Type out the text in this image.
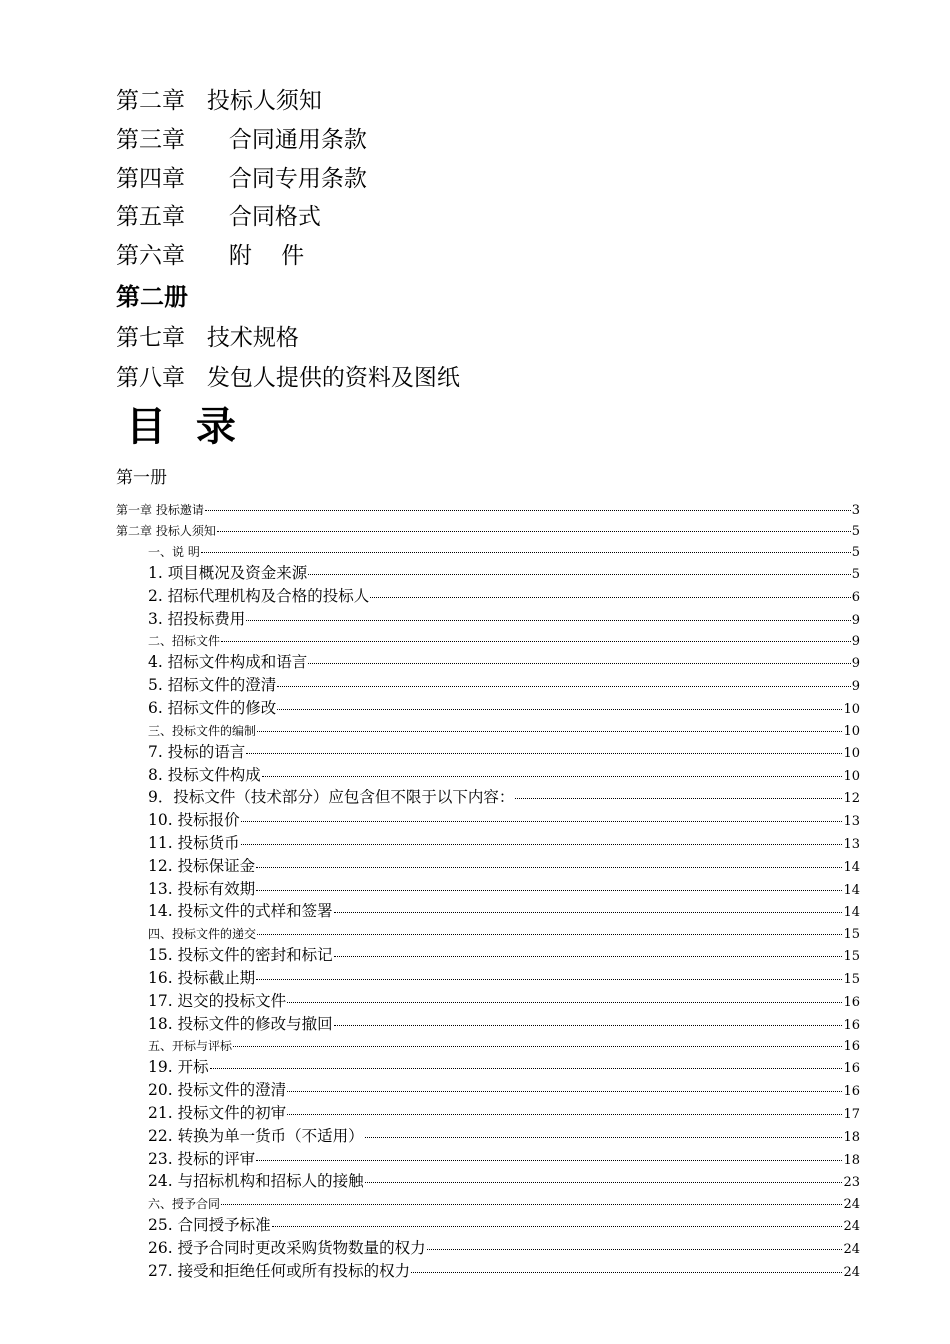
第二章   投标人须知
第三章      合同通用条款
第四章      合同专用条款
第五章      合同格式
第六章      附    件
第二册
第七章   技术规格
第八章   发包人提供的资料及图纸
目 录
第一册
第一章 投标邀请	3
第二章 投标人须知	5
一、说 明	5
1. 项目概况及资金来源	5
2. 招标代理机构及合格的投标人	6
3. 招投标费用	9
二、招标文件	9
4. 招标文件构成和语言	9
5. 招标文件的澄清	9
6. 招标文件的修改	10
三、投标文件的编制	10
7. 投标的语言	10
8. 投标文件构成	10
9．投标文件（技术部分）应包含但不限于以下内容：	12
10. 投标报价	13
11. 投标货币	13
12. 投标保证金	14
13. 投标有效期	14
14. 投标文件的式样和签署	14
四、投标文件的递交	15
15. 投标文件的密封和标记	15
16. 投标截止期	15
17. 迟交的投标文件	16
18. 投标文件的修改与撤回	16
五、开标与评标	16
19. 开标	16
20. 投标文件的澄清	16
21. 投标文件的初审	17
22. 转换为单一货币（不适用）	18
23. 投标的评审	18
24. 与招标机构和招标人的接触	23
六、授予合同	24
25. 合同授予标准	24
26. 授予合同时更改采购货物数量的权力	24
27. 接受和拒绝任何或所有投标的权力	24
